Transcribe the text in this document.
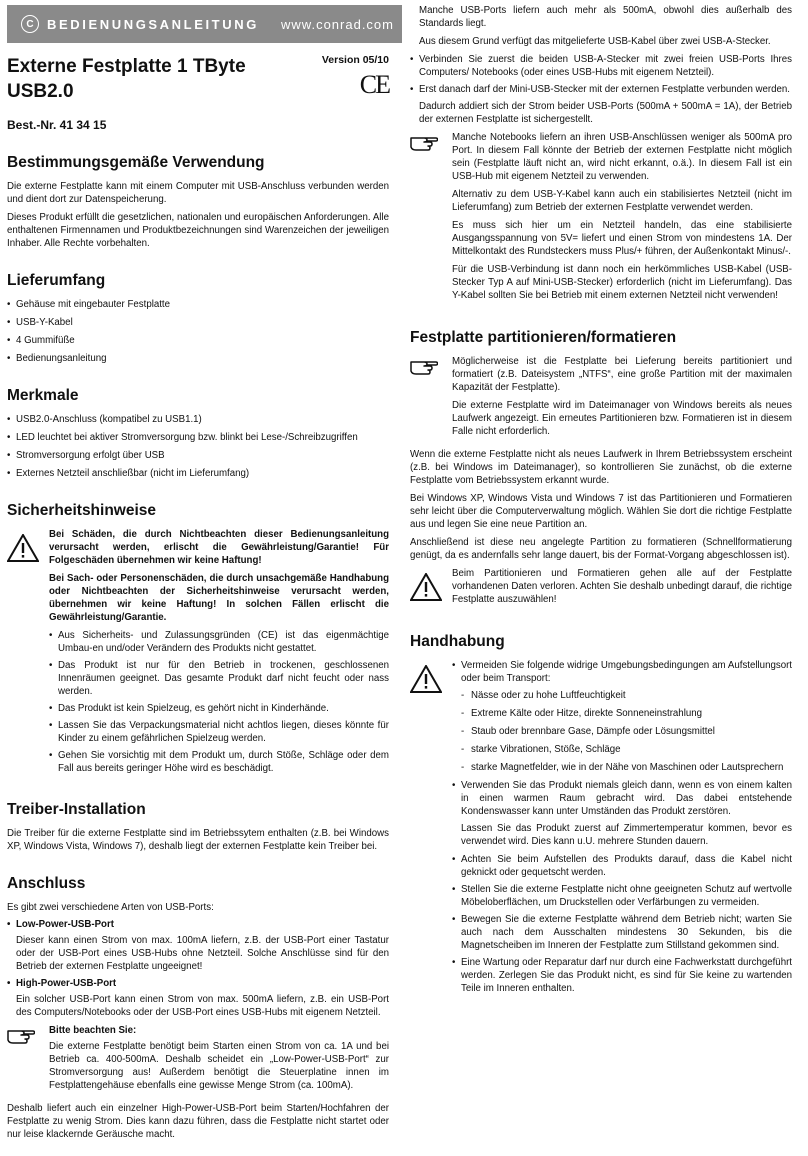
C	BEDIENUNGSANLEITUNG www.conrad.com
Externe Festplatte 1 TByte
USB2.0
Version 05/10
CE
Best.-Nr. 41 34 15
Bestimmungsgemäße Verwendung

Die externe Festplatte kann mit einem Computer mit USB-Anschluss verbunden werden und dient dort zur Datenspeicherung.

Dieses Produkt erfüllt die gesetzlichen, nationalen und europäischen Anforderungen. Alle enthaltenen Firmennamen und Produktbezeichnungen sind Warenzeichen der jeweiligen Inhaber. Alle Rechte vorbehalten.

Lieferumfang
• Gehäuse mit eingebauter Festplatte
• USB-Y-Kabel
• 4 Gummifüße
• Bedienungsanleitung
Merkmale
• USB2.0-Anschluss (kompatibel zu USB1.1)
• LED leuchtet bei aktiver Stromversorgung bzw. blinkt bei Lese-/Schreibzugriffen
• Stromversorgung erfolgt über USB
• Externes Netzteil anschließbar (nicht im Lieferumfang)
Sicherheitshinweise

Bei Schäden, die durch Nichtbeachten dieser Bedienungsanleitung verursacht werden, erlischt die Gewährleistung/Garantie! Für Folgeschäden übernehmen wir keine Haftung!

Bei Sach- oder Personenschäden, die durch unsachgemäße Handhabung oder Nichtbeachten der Sicherheitshinweise verursacht werden, übernehmen wir keine Haftung! In solchen Fällen erlischt die Gewährleistung/Garantie.

• Aus Sicherheits- und Zulassungsgründen (CE) ist das eigenmächtige Umbau-en und/oder Verändern des Produkts nicht gestattet.
• Das Produkt ist nur für den Betrieb in trockenen, geschlossenen Innenräumen geeignet. Das gesamte Produkt darf nicht feucht oder nass werden.
• Das Produkt ist kein Spielzeug, es gehört nicht in Kinderhände.
• Lassen Sie das Verpackungsmaterial nicht achtlos liegen, dieses könnte für Kinder zu einem gefährlichen Spielzeug werden.
• Gehen Sie vorsichtig mit dem Produkt um, durch Stöße, Schläge oder dem Fall aus bereits geringer Höhe wird es beschädigt.
Treiber-Installation

Die Treiber für die externe Festplatte sind im Betriebssytem enthalten (z.B. bei Windows XP, Windows Vista, Windows 7), deshalb liegt der externen Festplatte kein Treiber bei.

Anschluss

Es gibt zwei verschiedene Arten von USB-Ports:

• Low-Power-USB-Port

Dieser kann einen Strom von max. 100mA liefern, z.B. der USB-Port einer Tastatur oder der USB-Port eines USB-Hubs ohne Netzteil. Solche Anschlüsse sind für den Betrieb der externen Festplatte ungeeignet!

• High-Power-USB-Port

Ein solcher USB-Port kann einen Strom von max. 500mA liefern, z.B. ein USB-Port des Computers/Notebooks oder der USB-Port eines USB-Hubs mit eigenem Netzteil.

Bitte beachten Sie:

Die externe Festplatte benötigt beim Starten einen Strom von ca. 1A und bei Betrieb ca. 400-500mA. Deshalb scheidet ein „Low-Power-USB-Port“ zur Stromversorgung aus! Außerdem benötigt die Steuerplatine innen im Festplattengehäuse ebenfalls eine gewisse Menge Strom (ca. 100mA).

Deshalb liefert auch ein einzelner High-Power-USB-Port beim Starten/Hochfahren der Festplatte zu wenig Strom. Dies kann dazu führen, dass die Festplatte nicht startet oder nur leise klackernde Geräusche macht.

Manche USB-Ports liefern auch mehr als 500mA, obwohl dies außerhalb des Standards liegt.

Aus diesem Grund verfügt das mitgelieferte USB-Kabel über zwei USB-A-Stecker.

• Verbinden Sie zuerst die beiden USB-A-Stecker mit zwei freien USB-Ports Ihres Computers/ Notebooks (oder eines USB-Hubs mit eigenem Netzteil).
• Erst danach darf der Mini-USB-Stecker mit der externen Festplatte verbunden werden.

Dadurch addiert sich der Strom beider USB-Ports (500mA + 500mA = 1A), der Betrieb der externen Festplatte ist sichergestellt.

Manche Notebooks liefern an ihren USB-Anschlüssen weniger als 500mA pro Port. In diesem Fall könnte der Betrieb der externen Festplatte nicht möglich sein (Festplatte läuft nicht an, wird nicht erkannt, o.ä.). In diesem Fall ist ein USB-Hub mit eigenem Netzteil zu verwenden.

Alternativ zu dem USB-Y-Kabel kann auch ein stabilisiertes Netzteil (nicht im Lieferumfang) zum Betrieb der externen Festplatte verwendet werden.

Es muss sich hier um ein Netzteil handeln, das eine stabilisierte Ausgangsspannung von 5V= liefert und einen Strom von mindestens 1A. Der Mittelkontakt des Rundsteckers muss Plus/+ führen, der Außenkontakt Minus/-.

Für die USB-Verbindung ist dann noch ein herkömmliches USB-Kabel (USB-Stecker Typ A auf Mini-USB-Stecker) erforderlich (nicht im Lieferumfang). Das Y-Kabel sollten Sie bei Betrieb mit einem externen Netzteil nicht verwenden!

Festplatte partitionieren/formatieren

Möglicherweise ist die Festplatte bei Lieferung bereits partitioniert und formatiert (z.B. Dateisystem „NTFS“, eine große Partition mit der maximalen Kapazität der Festplatte).

Die externe Festplatte wird im Dateimanager von Windows bereits als neues Laufwerk angezeigt. Ein erneutes Partitionieren bzw. Formatieren ist in diesem Falle nicht erforderlich.

Wenn die externe Festplatte nicht als neues Laufwerk in Ihrem Betriebssystem erscheint (z.B. bei Windows im Dateimanager), so kontrollieren Sie zunächst, ob die externe Festplatte vom Betriebssystem erkannt wurde.

Bei Windows XP, Windows Vista und Windows 7 ist das Partitionieren und Formatieren sehr leicht über die Computerverwaltung möglich. Wählen Sie dort die richtige Festplatte aus und legen Sie eine neue Partition an.

Anschließend ist diese neu angelegte Partition zu formatieren (Schnellformatierung genügt, da es andernfalls sehr lange dauert, bis der Format-Vorgang abgeschlossen ist).

Beim Partitionieren und Formatieren gehen alle auf der Festplatte vorhandenen Daten verloren. Achten Sie deshalb unbedingt darauf, die richtige Festplatte auszuwählen!

Handhabung
• Vermeiden Sie folgende widrige Umgebungsbedingungen am Aufstellungsort oder beim Transport:
- Nässe oder zu hohe Luftfeuchtigkeit
- Extreme Kälte oder Hitze, direkte Sonneneinstrahlung
- Staub oder brennbare Gase, Dämpfe oder Lösungsmittel
- starke Vibrationen, Stöße, Schläge
- starke Magnetfelder, wie in der Nähe von Maschinen oder Lautsprechern
• Verwenden Sie das Produkt niemals gleich dann, wenn es von einem kalten in einen warmen Raum gebracht wird. Das dabei entstehende Kondenswasser kann unter Umständen das Produkt zerstören.

Lassen Sie das Produkt zuerst auf Zimmertemperatur kommen, bevor es verwendet wird. Dies kann u.U. mehrere Stunden dauern.

• Achten Sie beim Aufstellen des Produkts darauf, dass die Kabel nicht geknickt oder gequetscht werden.
• Stellen Sie die externe Festplatte nicht ohne geeigneten Schutz auf wertvolle Möbeloberflächen, um Druckstellen oder Verfärbungen zu vermeiden.
• Bewegen Sie die externe Festplatte während dem Betrieb nicht; warten Sie auch nach dem Ausschalten mindestens 30 Sekunden, bis die Magnetscheiben im Inneren der Festplatte zum Stillstand gekommen sind.
• Eine Wartung oder Reparatur darf nur durch eine Fachwerkstatt durchgeführt werden. Zerlegen Sie das Produkt nicht, es sind für Sie keine zu wartenden Teile im Inneren enthalten.
